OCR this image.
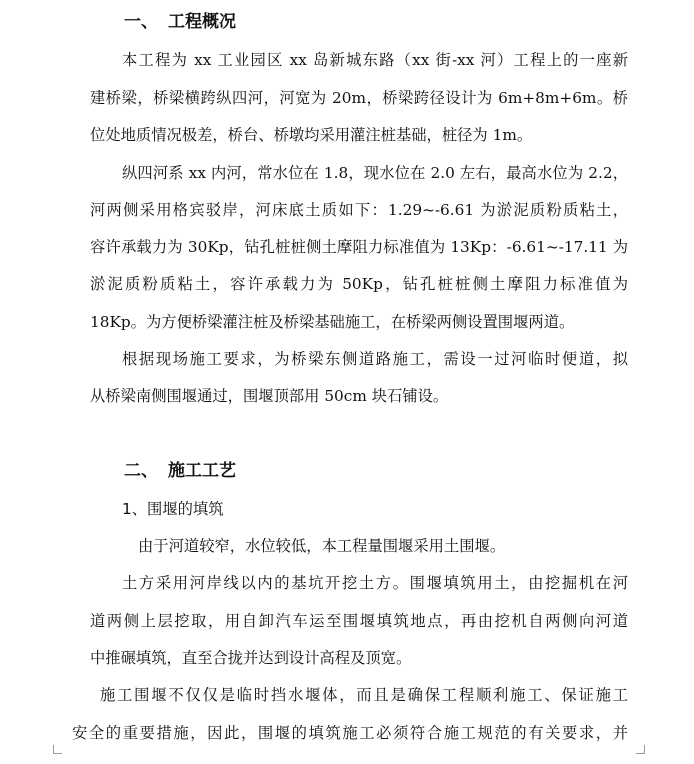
一、 工程概况
本工程为 xx 工业园区 xx 岛新城东路（xx 街-xx 河）工程上的一座新
建桥梁，桥梁横跨纵四河，河宽为 20m，桥梁跨径设计为 6m+8m+6m。桥
位处地质情况极差，桥台、桥墩均采用灌注桩基础，桩径为 1m。
纵四河系 xx 内河，常水位在 1.8，现水位在 2.0 左右，最高水位为 2.2，
河两侧采用格宾驳岸，河床底土质如下：1.29~-6.61 为淤泥质粉质粘土，
容许承载力为 30Kp，钻孔桩桩侧土摩阻力标准值为 13Kp：-6.61~-17.11 为
淤泥质粉质粘土，容许承载力为 50Kp，钻孔桩桩侧土摩阻力标准值为
18Kp。为方便桥梁灌注桩及桥梁基础施工，在桥梁两侧设置围堰两道。
根据现场施工要求，为桥梁东侧道路施工，需设一过河临时便道，拟
从桥梁南侧围堰通过，围堰顶部用 50cm 块石铺设。
二、 施工工艺
1、围堰的填筑
由于河道较窄，水位较低，本工程量围堰采用土围堰。
土方采用河岸线以内的基坑开挖土方。围堰填筑用土，由挖掘机在河
道两侧上层挖取，用自卸汽车运至围堰填筑地点，再由挖机自两侧向河道
中推碾填筑，直至合拢并达到设计高程及顶宽。
施工围堰不仅仅是临时挡水堰体，而且是确保工程顺利施工、保证施工
安全的重要措施，因此，围堰的填筑施工必须符合施工规范的有关要求，并
